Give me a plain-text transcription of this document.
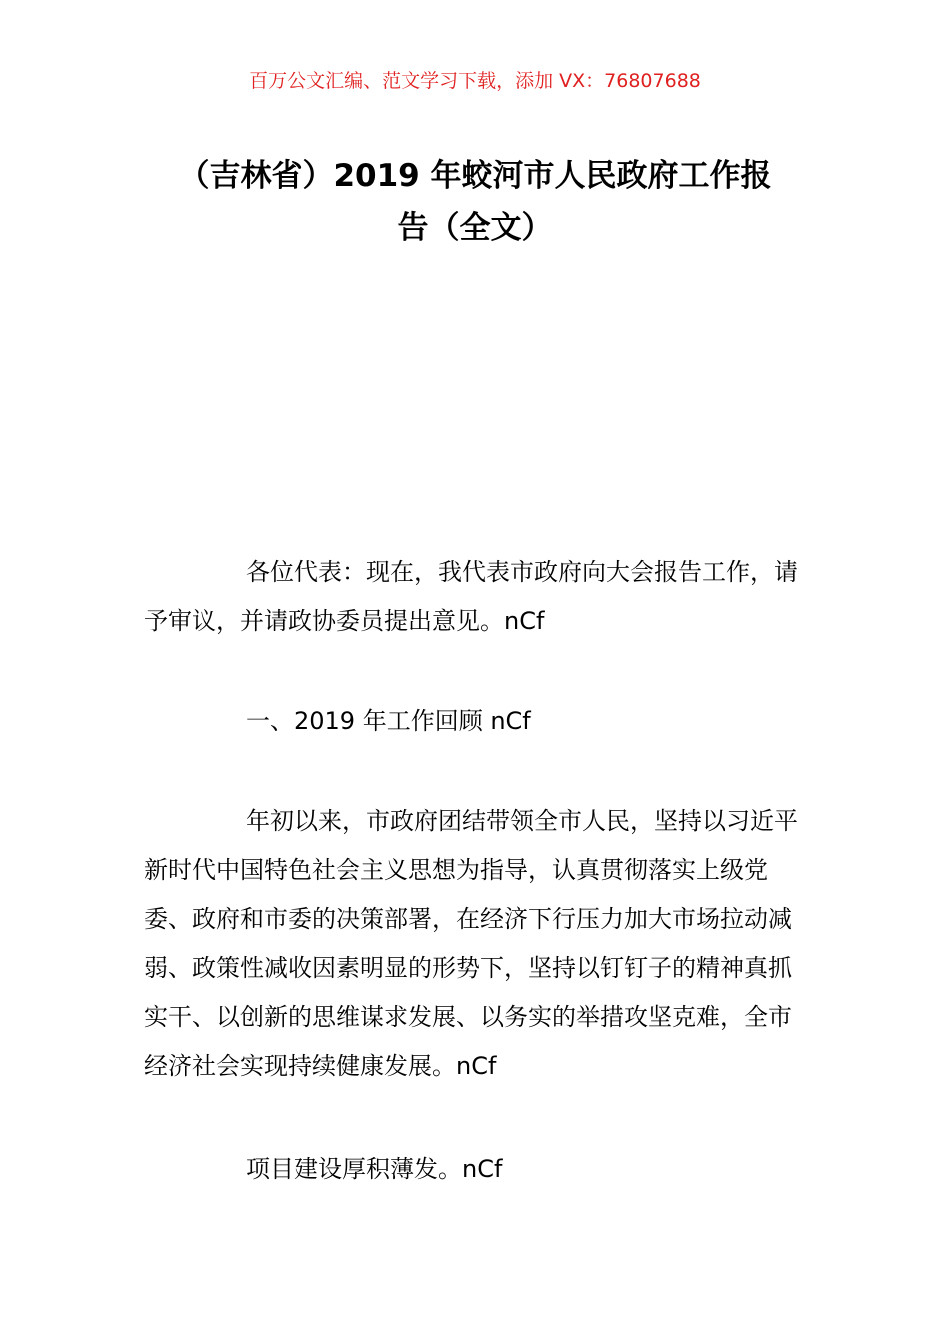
百万公文汇编、范文学习下载，添加 VX：76807688
（吉林省）2019 年蛟河市人民政府工作报
告（全文）

各位代表：现在，我代表市政府向大会报告工作，请予审议，并请政协委员提出意见。nCf

一、2019 年工作回顾 nCf

年初以来，市政府团结带领全市人民，坚持以习近平新时代中国特色社会主义思想为指导，认真贯彻落实上级党委、政府和市委的决策部署，在经济下行压力加大市场拉动减弱、政策性减收因素明显的形势下，坚持以钉钉子的精神真抓实干、以创新的思维谋求发展、以务实的举措攻坚克难，全市经济社会实现持续健康发展。nCf

项目建设厚积薄发。nCf
